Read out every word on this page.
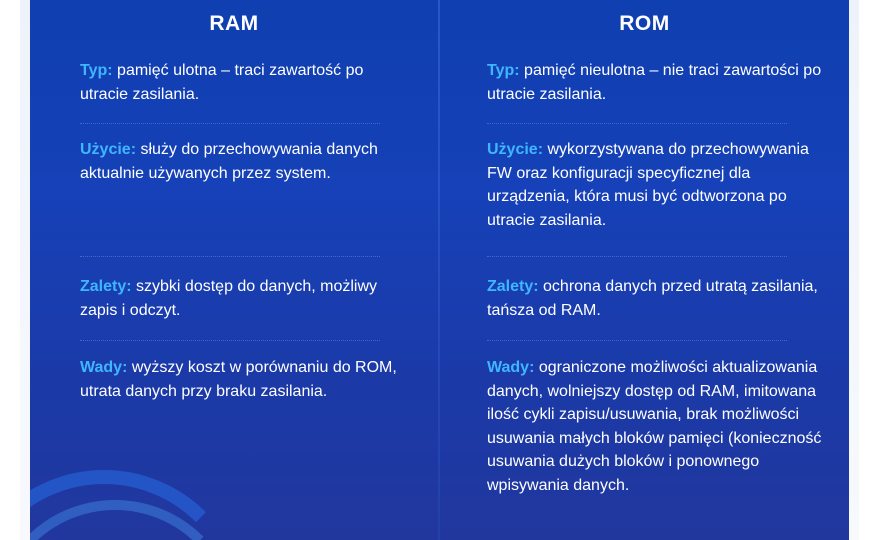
RAM
Typ: pamięć ulotna – traci zawartość po utracie zasilania.
Użycie: służy do przechowywania danych aktualnie używanych przez system.
Zalety: szybki dostęp do danych, możliwy zapis i odczyt.
Wady: wyższy koszt w porównaniu do ROM, utrata danych przy braku zasilania.
ROM
Typ: pamięć nieulotna – nie traci zawartości po utracie zasilania.
Użycie: wykorzystywana do przechowywania FW oraz konfiguracji specyficznej dla urządzenia, która musi być odtworzona po utracie zasilania.
Zalety: ochrona danych przed utratą zasilania, tańsza od RAM.
Wady: ograniczone możliwości aktualizowania danych, wolniejszy dostęp od RAM, imitowana ilość cykli zapisu/usuwania, brak możliwości usuwania małych bloków pamięci (konieczność usuwania dużych bloków i ponownego wpisywania danych.
